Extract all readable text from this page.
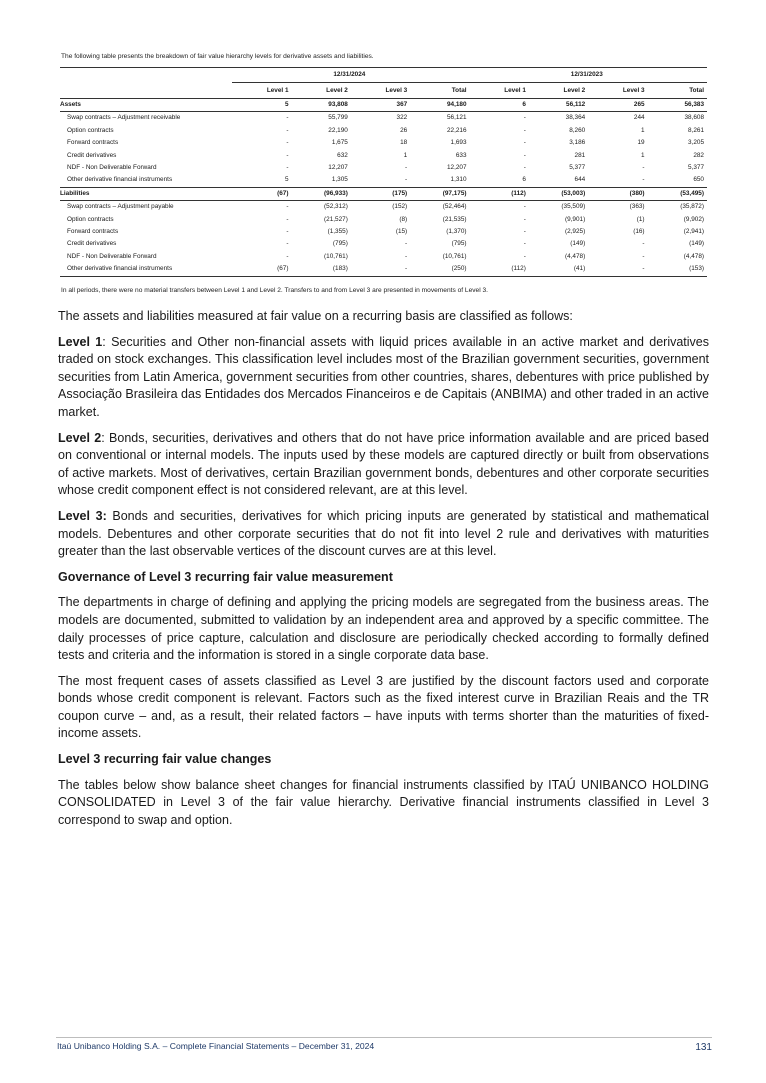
The following table presents the breakdown of fair value hierarchy levels for derivative assets and liabilities.
	12/31/2024				12/31/2023			
	Level 1	Level 2	Level 3	Total	Level 1	Level 2	Level 3	Total
Assets	5	93,808	367	94,180	6	56,112	265	56,383
Swap contracts – Adjustment receivable	-	55,799	322	56,121	-	38,364	244	38,608
Option contracts	-	22,190	26	22,216	-	8,260	1	8,261
Forward contracts	-	1,675	18	1,693	-	3,186	19	3,205
Credit derivatives	-	632	1	633	-	281	1	282
NDF - Non Deliverable Forward	-	12,207	-	12,207	-	5,377	-	5,377
Other derivative financial instruments	5	1,305	-	1,310	6	644	-	650
Liabilities	(67)	(96,933)	(175)	(97,175)	(112)	(53,003)	(380)	(53,495)
Swap contracts – Adjustment payable	-	(52,312)	(152)	(52,464)	-	(35,509)	(363)	(35,872)
Option contracts	-	(21,527)	(8)	(21,535)	-	(9,901)	(1)	(9,902)
Forward contracts	-	(1,355)	(15)	(1,370)	-	(2,925)	(16)	(2,941)
Credit derivatives	-	(795)	-	(795)	-	(149)	-	(149)
NDF - Non Deliverable Forward	-	(10,761)	-	(10,761)	-	(4,478)	-	(4,478)
Other derivative financial instruments	(67)	(183)	-	(250)	(112)	(41)	-	(153)
In all periods, there were no material transfers between Level 1 and Level 2. Transfers to and from Level 3 are presented in movements of Level 3.

The assets and liabilities measured at fair value on a recurring basis are classified as follows:

Level 1: Securities and Other non-financial assets with liquid prices available in an active market and derivatives traded on stock exchanges. This classification level includes most of the Brazilian government securities, government securities from Latin America, government securities from other countries, shares, debentures with price published by Associação Brasileira das Entidades dos Mercados Financeiros e de Capitais (ANBIMA) and other traded in an active market.

Level 2: Bonds, securities, derivatives and others that do not have price information available and are priced based on conventional or internal models. The inputs used by these models are captured directly or built from observations of active markets. Most of derivatives, certain Brazilian government bonds, debentures and other corporate securities whose credit component effect is not considered relevant, are at this level.

Level 3: Bonds and securities, derivatives for which pricing inputs are generated by statistical and mathematical models. Debentures and other corporate securities that do not fit into level 2 rule and derivatives with maturities greater than the last observable vertices of the discount curves are at this level.

Governance of Level 3 recurring fair value measurement

The departments in charge of defining and applying the pricing models are segregated from the business areas. The models are documented, submitted to validation by an independent area and approved by a specific committee. The daily processes of price capture, calculation and disclosure are periodically checked according to formally defined tests and criteria and the information is stored in a single corporate data base.

The most frequent cases of assets classified as Level 3 are justified by the discount factors used and corporate bonds whose credit component is relevant. Factors such as the fixed interest curve in Brazilian Reais and the TR coupon curve – and, as a result, their related factors – have inputs with terms shorter than the maturities of fixed-income assets.

Level 3 recurring fair value changes

The tables below show balance sheet changes for financial instruments classified by ITAÚ UNIBANCO HOLDING CONSOLIDATED in Level 3 of the fair value hierarchy. Derivative financial instruments classified in Level 3 correspond to swap and option.

Itaú Unibanco Holding S.A. – Complete Financial Statements – December 31, 2024	131
